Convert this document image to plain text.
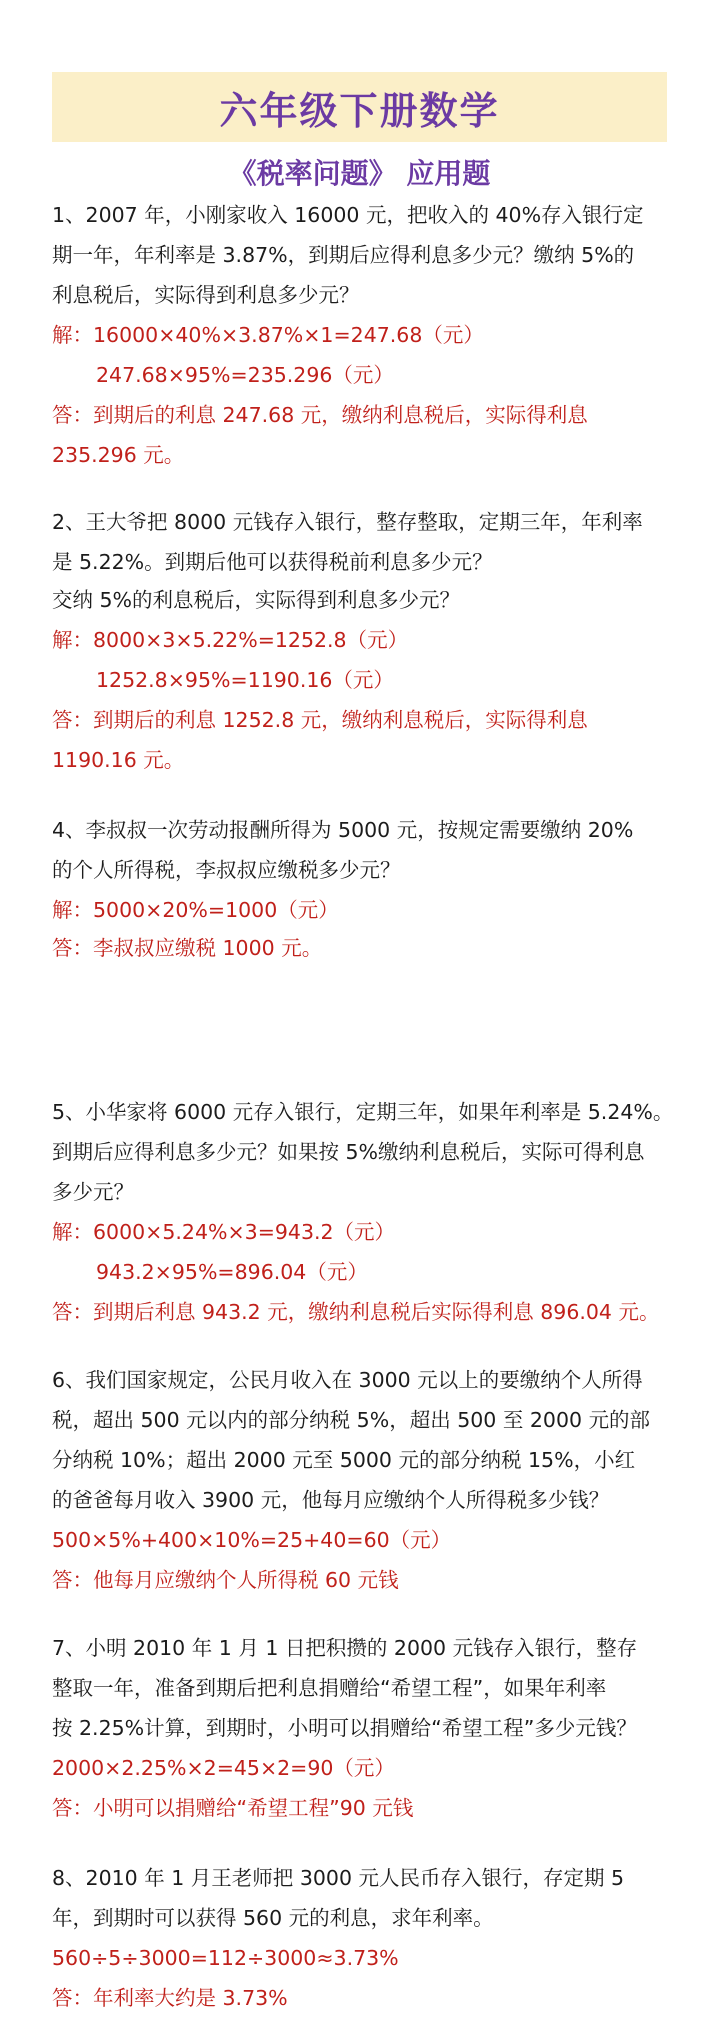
六年级下册数学
《税率问题》 应用题
1、2007 年，小刚家收入 16000 元，把收入的 40%存入银行定
期一年，年利率是 3.87%，到期后应得利息多少元？缴纳 5%的
利息税后，实际得到利息多少元？
解：16000×40%×3.87%×1=247.68（元）
247.68×95%=235.296（元）
答：到期后的利息 247.68 元，缴纳利息税后，实际得利息
235.296 元。
2、王大爷把 8000 元钱存入银行，整存整取，定期三年，年利率
是 5.22%。到期后他可以获得税前利息多少元？
交纳 5%的利息税后，实际得到利息多少元？
解：8000×3×5.22%=1252.8（元）
1252.8×95%=1190.16（元）
答：到期后的利息 1252.8 元，缴纳利息税后，实际得利息
1190.16 元。
4、李叔叔一次劳动报酬所得为 5000 元，按规定需要缴纳 20%
的个人所得税，李叔叔应缴税多少元？
解：5000×20%=1000（元）
答：李叔叔应缴税 1000 元。
5、小华家将 6000 元存入银行，定期三年，如果年利率是 5.24%。
到期后应得利息多少元？如果按 5%缴纳利息税后，实际可得利息
多少元？
解：6000×5.24%×3=943.2（元）
943.2×95%=896.04（元）
答：到期后利息 943.2 元，缴纳利息税后实际得利息 896.04 元。
6、我们国家规定，公民月收入在 3000 元以上的要缴纳个人所得
税，超出 500 元以内的部分纳税 5%，超出 500 至 2000 元的部
分纳税 10%；超出 2000 元至 5000 元的部分纳税 15%，小红
的爸爸每月收入 3900 元，他每月应缴纳个人所得税多少钱？
500×5%+400×10%=25+40=60（元）
答：他每月应缴纳个人所得税 60 元钱
7、小明 2010 年 1 月 1 日把积攒的 2000 元钱存入银行，整存
整取一年，准备到期后把利息捐赠给“希望工程”，如果年利率
按 2.25%计算，到期时，小明可以捐赠给“希望工程”多少元钱？
2000×2.25%×2=45×2=90（元）
答：小明可以捐赠给“希望工程”90 元钱
8、2010 年 1 月王老师把 3000 元人民币存入银行，存定期 5
年，到期时可以获得 560 元的利息，求年利率。
560÷5÷3000=112÷3000≈3.73%
答：年利率大约是 3.73%
